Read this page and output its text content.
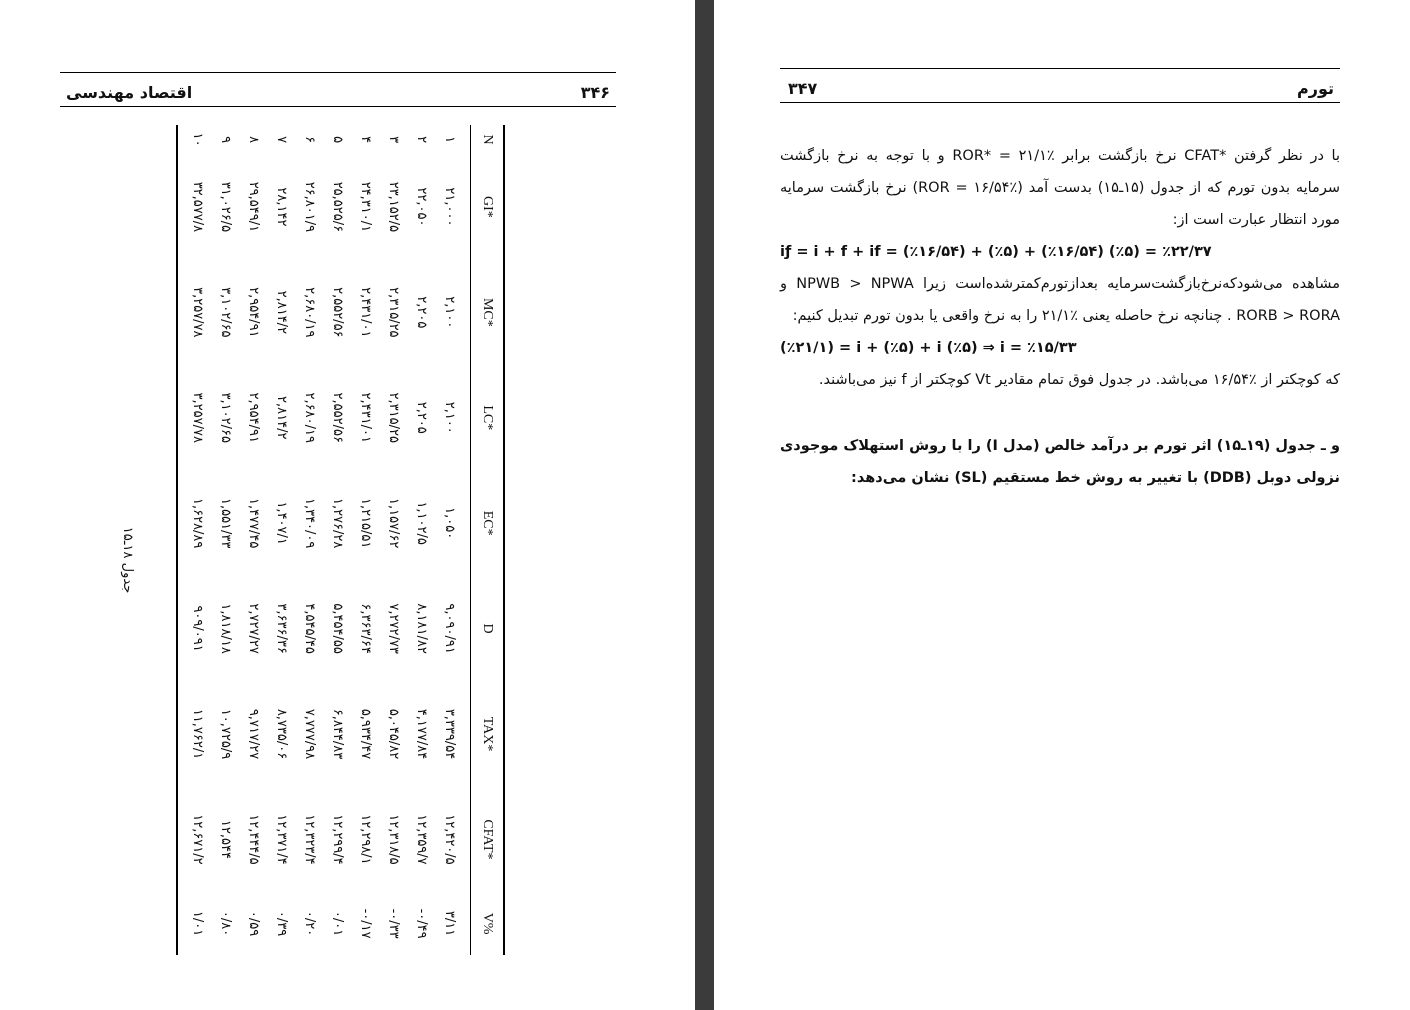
۳۴۶
اقتصاد مهندسی
N	GI*	MC*	LC*	EC*	D	TAX*	CFAT*	V%
۱	۲۱,۰۰۰	۲,۱۰۰	۲,۱۰۰	۱,۰۵۰	۹,۰۹۰/۹۱	۳,۳۳۹/۵۴	۱۲,۴۲۰/۵	۳/۱۱
۲	۲۲,۰۵۰	۲,۲۰۵	۲,۲۰۵	۱,۱۰۲/۵	۸,۱۸۱/۸۲	۴,۱۷۷/۸۴	۱۲,۳۵۹/۷	-۰/۴۹
۳	۲۳,۱۵۲/۵	۲,۳۱۵/۲۵	۲,۳۱۵/۲۵	۱,۱۵۷/۶۲	۷,۲۷۲/۷۳	۵,۰۴۵/۸۲	۱۲,۳۱۸/۵	-۰/۳۳
۴	۲۴,۳۱۰/۱	۲,۴۳۱/۰۱	۲,۴۳۱/۰۱	۱,۲۱۵/۵۱	۶,۳۶۳/۶۴	۵,۹۳۴/۴۷	۱۲,۲۹۸/۱	-۰/۱۷
۵	۲۵,۵۲۵/۶	۲,۵۵۲/۵۶	۲,۵۵۲/۵۶	۱,۲۷۶/۲۸	۵,۴۵۴/۵۵	۶,۸۴۴/۸۳	۱۲,۲۹۹/۴	۰/۰۱
۶	۲۶,۸۰۱/۹	۲,۶۸۰/۱۹	۲,۶۸۰/۱۹	۱,۳۴۰/۰۹	۴,۵۴۵/۴۵	۷,۷۷۷/۹۸	۱۲,۳۲۳/۴	۰/۲۰
۷	۲۸,۱۴۲	۲,۸۱۴/۲	۲,۸۱۴/۲	۱,۴۰۷/۱	۳,۶۳۶/۳۶	۸,۷۳۵/۰۶	۱۲,۳۷۱/۴	۰/۳۹
۸	۲۹,۵۴۹/۱	۲,۹۵۴/۹۱	۲,۹۵۴/۹۱	۱,۴۷۷/۴۵	۲,۷۲۷/۲۷	۹,۷۱۷/۲۷	۱۲,۴۴۴/۵	۰/۵۹
۹	۳۱,۰۲۶/۵	۳,۱۰۲/۶۵	۳,۱۰۲/۶۵	۱,۵۵۱/۳۳	۱,۸۱۸/۱۸	۱۰,۷۲۵/۹	۱۲,۵۴۴	۰/۸۰
۱۰	۳۲,۵۷۷/۸	۳,۲۵۷/۷۸	۳,۲۵۷/۷۸	۱,۶۲۸/۸۹	۹۰۹/۰۹۱	۱۱,۷۶۲/۱	۱۲,۶۷۱/۲	۱/۰۱
جدول ۱۸ـ۱۵
۳۴۷	تورم

با در نظر گرفتن *CFAT نرخ بازگشت برابر ٪۲۱/۱ = *ROR و با توجه به نرخ بازگشت سرمایه بدون تورم که از جدول (۱۵ـ۱۵) بدست آمد (٪۱۶/۵۴ = ROR) نرخ بازگشت سرمایه مورد انتظار عبارت است از:

iƒ = i + f + if = (٪۱۶/۵۴) + (٪۵) + (٪۱۶/۵۴) (٪۵) = ٪۲۲/۳۷

مشاهده می‌شودکه‌نرخ‌بازگشت‌سرمایه بعدازتورم‌کمترشده‌است زیرا NPWB > NPWA و RORB > RORA . چنانچه نرخ حاصله یعنی ٪۲۱/۱ را به نرخ واقعی یا بدون تورم تبدیل کنیم:

(٪۲۱/۱) = i + (٪۵) + i (٪۵) ⇒ i = ٪۱۵/۳۳

که کوچکتر از ٪۱۶/۵۴ می‌باشد. در جدول فوق تمام مقادیر Vt کوچکتر از f نیز می‌باشند.

و ـ جدول (۱۹ـ۱۵) اثر تورم بر درآمد خالص (مدل I) را با روش استهلاک موجودی نزولی دوبل (DDB) با تغییر به روش خط مستقیم (SL) نشان می‌دهد:
